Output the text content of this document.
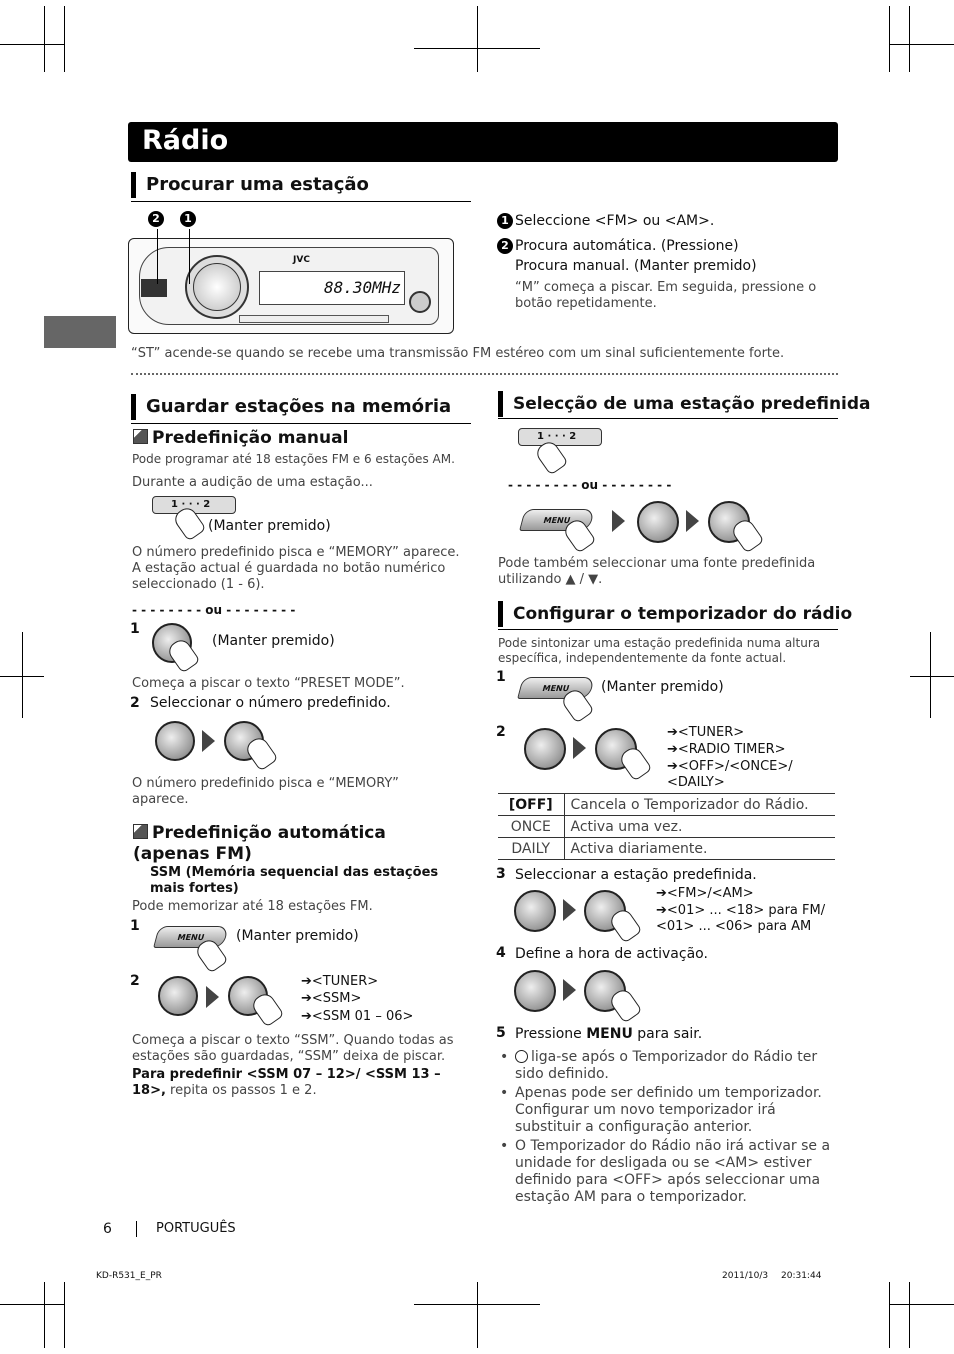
Rádio
Procurar uma estação
88.30MHz
JVC
2	1	1 Seleccione <FM> ou <AM>.
2 Procura automática. (Pressione)
Procura manual. (Manter premido)
“M” começa a piscar. Em seguida, pressione o botão repetidamente.
“ST” acende-se quando se recebe uma transmissão FM estéreo com um sinal suficientemente forte.
Guardar estações na memória
Predefinição manual
Pode programar até 18 estações FM e 6 estações AM.
Durante a audição de uma estação...
1 · · · 2
(Manter premido)
O número predefinido pisca e “MEMORY” aparece. A estação actual é guardada no botão numérico seleccionado (1 - 6).
- - - - - - - - ou - - - - - - - -
1
(Manter premido)
Começa a piscar o texto “PRESET MODE”.
2 Seleccionar o número predefinido.
O número predefinido pisca e “MEMORY” aparece.
Predefinição automática (apenas FM)
SSM (Memória sequencial das estações mais fortes)
Pode memorizar até 18 estações FM.
1
MENU	(Manter premido)
2	➔<TUNER>
➔<SSM>
➔<SSM 01 – 06>
Começa a piscar o texto “SSM”. Quando todas as estações são guardadas, “SSM” deixa de piscar.
Para predefinir <SSM 07 – 12>/ <SSM 13 – 18>, repita os passos 1 e 2.
Selecção de uma estação predefinida
1 · · · 2
- - - - - - - - ou - - - - - - - -
MENU
Pode também seleccionar uma fonte predefinida utilizando ▲ / ▼.
Configurar o temporizador do rádio
Pode sintonizar uma estação predefinida numa altura específica, independentemente da fonte actual.
1
MENU	(Manter premido)
2	➔<TUNER>
➔<RADIO TIMER>
➔<OFF>/<ONCE>/ <DAILY>
[OFF]	Cancela o Temporizador do Rádio.
ONCE	Activa uma vez.
DAILY	Activa diariamente.
3 Seleccionar a estação predefinida.
➔<FM>/<AM>
➔<01> ... <18> para FM/ <01> ... <06> para AM
4 Define a hora de activação.
5 Pressione MENU para sair.
• liga-se após o Temporizador do Rádio ter sido definido.
• Apenas pode ser definido um temporizador. Configurar um novo temporizador irá substituir a configuração anterior.
• O Temporizador do Rádio não irá activar se a unidade for desligada ou se <AM> estiver definido para <OFF> após seleccionar uma estação AM para o temporizador.
6	PORTUGUÊS
KD-R531_E_PR	2011/10/3 20:31:44
